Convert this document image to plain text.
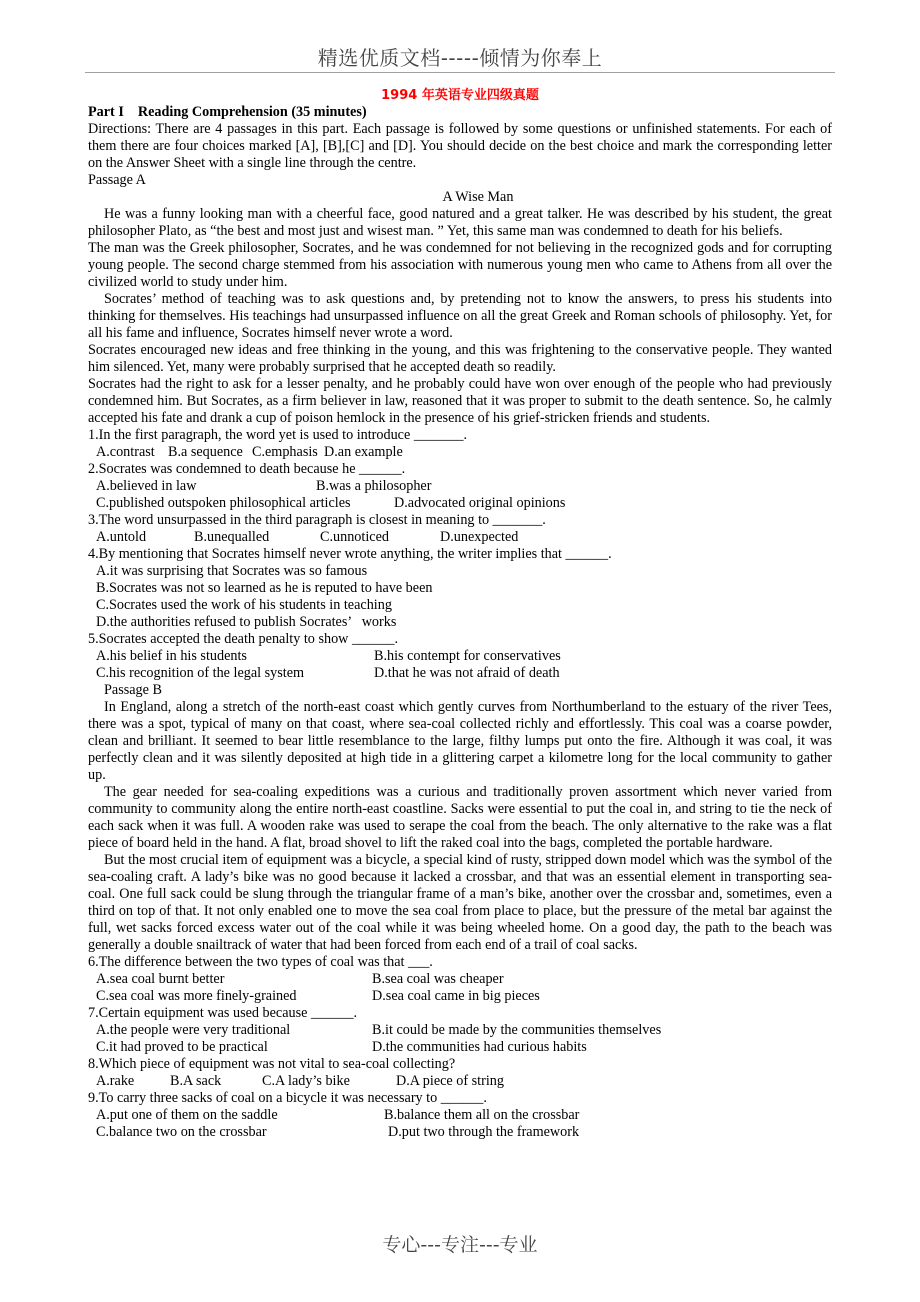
精选优质文档-----倾情为你奉上
1994 年英语专业四级真题
Part I Reading Comprehension (35 minutes)

Directions: There are 4 passages in this part. Each passage is followed by some questions or unfinished statements. For each of them there are four choices marked [A], [B],[C] and [D]. You should decide on the best choice and mark the corresponding letter on the Answer Sheet with a single line through the centre.

Passage A
A Wise Man

He was a funny looking man with a cheerful face, good natured and a great talker. He was described by his student, the great philosopher Plato, as “the best and most just and wisest man. ” Yet, this same man was condemned to death for his beliefs.

The man was the Greek philosopher, Socrates, and he was condemned for not believing in the recognized gods and for corrupting young people. The second charge stemmed from his association with numerous young men who came to Athens from all over the civilized world to study under him.

Socrates’ method of teaching was to ask questions and, by pretending not to know the answers, to press his students into thinking for themselves. His teachings had unsurpassed influence on all the great Greek and Roman schools of philosophy. Yet, for all his fame and influence, Socrates himself never wrote a word.

Socrates encouraged new ideas and free thinking in the young, and this was frightening to the conservative people. They wanted him silenced. Yet, many were probably surprised that he accepted death so readily.

Socrates had the right to ask for a lesser penalty, and he probably could have won over enough of the people who had previously condemned him. But Socrates, as a firm believer in law, reasoned that it was proper to submit to the death sentence. So, he calmly accepted his fate and drank a cup of poison hemlock in the presence of his grief-stricken friends and students.

1.In the first paragraph, the word yet is used to introduce _______.
A.contrast B.a sequence C.emphasis D.an example
2.Socrates was condemned to death because he ______.
A.believed in law	B.was a philosopher
C.published outspoken philosophical articles	D.advocated original opinions
3.The word unsurpassed in the third paragraph is closest in meaning to _______.
A.untold	B.unequalled	C.unnoticed	D.unexpected
4.By mentioning that Socrates himself never wrote anything, the writer implies that ______.
A.it was surprising that Socrates was so famous
B.Socrates was not so learned as he is reputed to have been
C.Socrates used the work of his students in teaching
D.the authorities refused to publish Socrates’   works
5.Socrates accepted the death penalty to show ______.
A.his belief in his students	B.his contempt for conservatives
C.his recognition of the legal system	D.that he was not afraid of death
Passage B

In England, along a stretch of the north-east coast which gently curves from Northumberland to the estuary of the river Tees, there was a spot, typical of many on that coast, where sea-coal collected richly and effortlessly. This coal was a coarse powder, clean and brilliant. It seemed to bear little resemblance to the large, filthy lumps put onto the fire. Although it was coal, it was perfectly clean and it was silently deposited at high tide in a glittering carpet a kilometre long for the local community to gather up.

The gear needed for sea-coaling expeditions was a curious and traditionally proven assortment which never varied from community to community along the entire north-east coastline. Sacks were essential to put the coal in, and string to tie the neck of each sack when it was full. A wooden rake was used to serape the coal from the beach. The only alternative to the rake was a flat piece of board held in the hand. A flat, broad shovel to lift the raked coal into the bags, completed the portable hardware.

But the most crucial item of equipment was a bicycle, a special kind of rusty, stripped down model which was the symbol of the sea-coaling craft. A lady’s bike was no good because it lacked a crossbar, and that was an essential element in transporting sea-coal. One full sack could be slung through the triangular frame of a man’s bike, another over the crossbar and, sometimes, even a third on top of that. It not only enabled one to move the sea coal from place to place, but the pressure of the metal bar against the full, wet sacks forced excess water out of the coal while it was being wheeled home. On a good day, the path to the beach was generally a double snailtrack of water that had been forced from each end of a trail of coal sacks.

6.The difference between the two types of coal was that ___.
A.sea coal burnt better	B.sea coal was cheaper
C.sea coal was more finely-grained	D.sea coal came in big pieces
7.Certain equipment was used because ______.
A.the people were very traditional	B.it could be made by the communities themselves
C.it had proved to be practical	D.the communities had curious habits
8.Which piece of equipment was not vital to sea-coal collecting?
A.rake	B.A sack	C.A lady’s bike	D.A piece of string
9.To carry three sacks of coal on a bicycle it was necessary to ______.
A.put one of them on the saddle	B.balance them all on the crossbar
C.balance two on the crossbar	D.put two through the framework
专心---专注---专业
